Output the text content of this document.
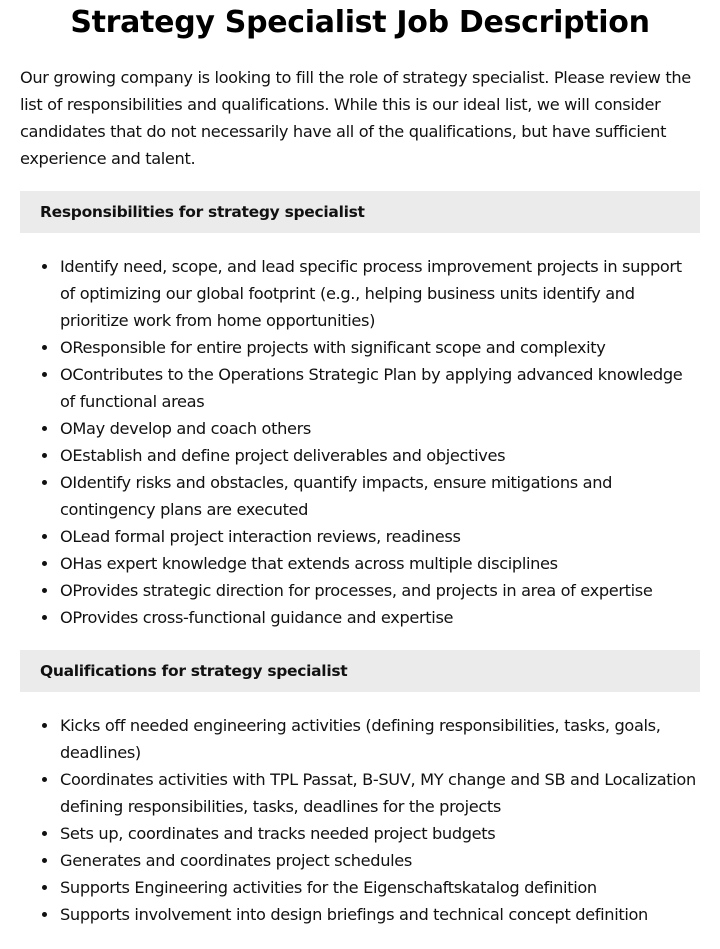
Strategy Specialist Job Description

Our growing company is looking to fill the role of strategy specialist. Please review the list of responsibilities and qualifications. While this is our ideal list, we will consider candidates that do not necessarily have all of the qualifications, but have sufficient experience and talent.

Responsibilities for strategy specialist
Identify need, scope, and lead specific process improvement projects in support of optimizing our global footprint (e.g., helping business units identify and prioritize work from home opportunities)
OResponsible for entire projects with significant scope and complexity
OContributes to the Operations Strategic Plan by applying advanced knowledge of functional areas
OMay develop and coach others
OEstablish and define project deliverables and objectives
OIdentify risks and obstacles, quantify impacts, ensure mitigations and contingency plans are executed
OLead formal project interaction reviews, readiness
OHas expert knowledge that extends across multiple disciplines
OProvides strategic direction for processes, and projects in area of expertise
OProvides cross-functional guidance and expertise
Qualifications for strategy specialist
Kicks off needed engineering activities (defining responsibilities, tasks, goals, deadlines)
Coordinates activities with TPL Passat, B-SUV, MY change and SB and Localization defining responsibilities, tasks, deadlines for the projects
Sets up, coordinates and tracks needed project budgets
Generates and coordinates project schedules
Supports Engineering activities for the Eigenschaftskatalog definition
Supports involvement into design briefings and technical concept definition
